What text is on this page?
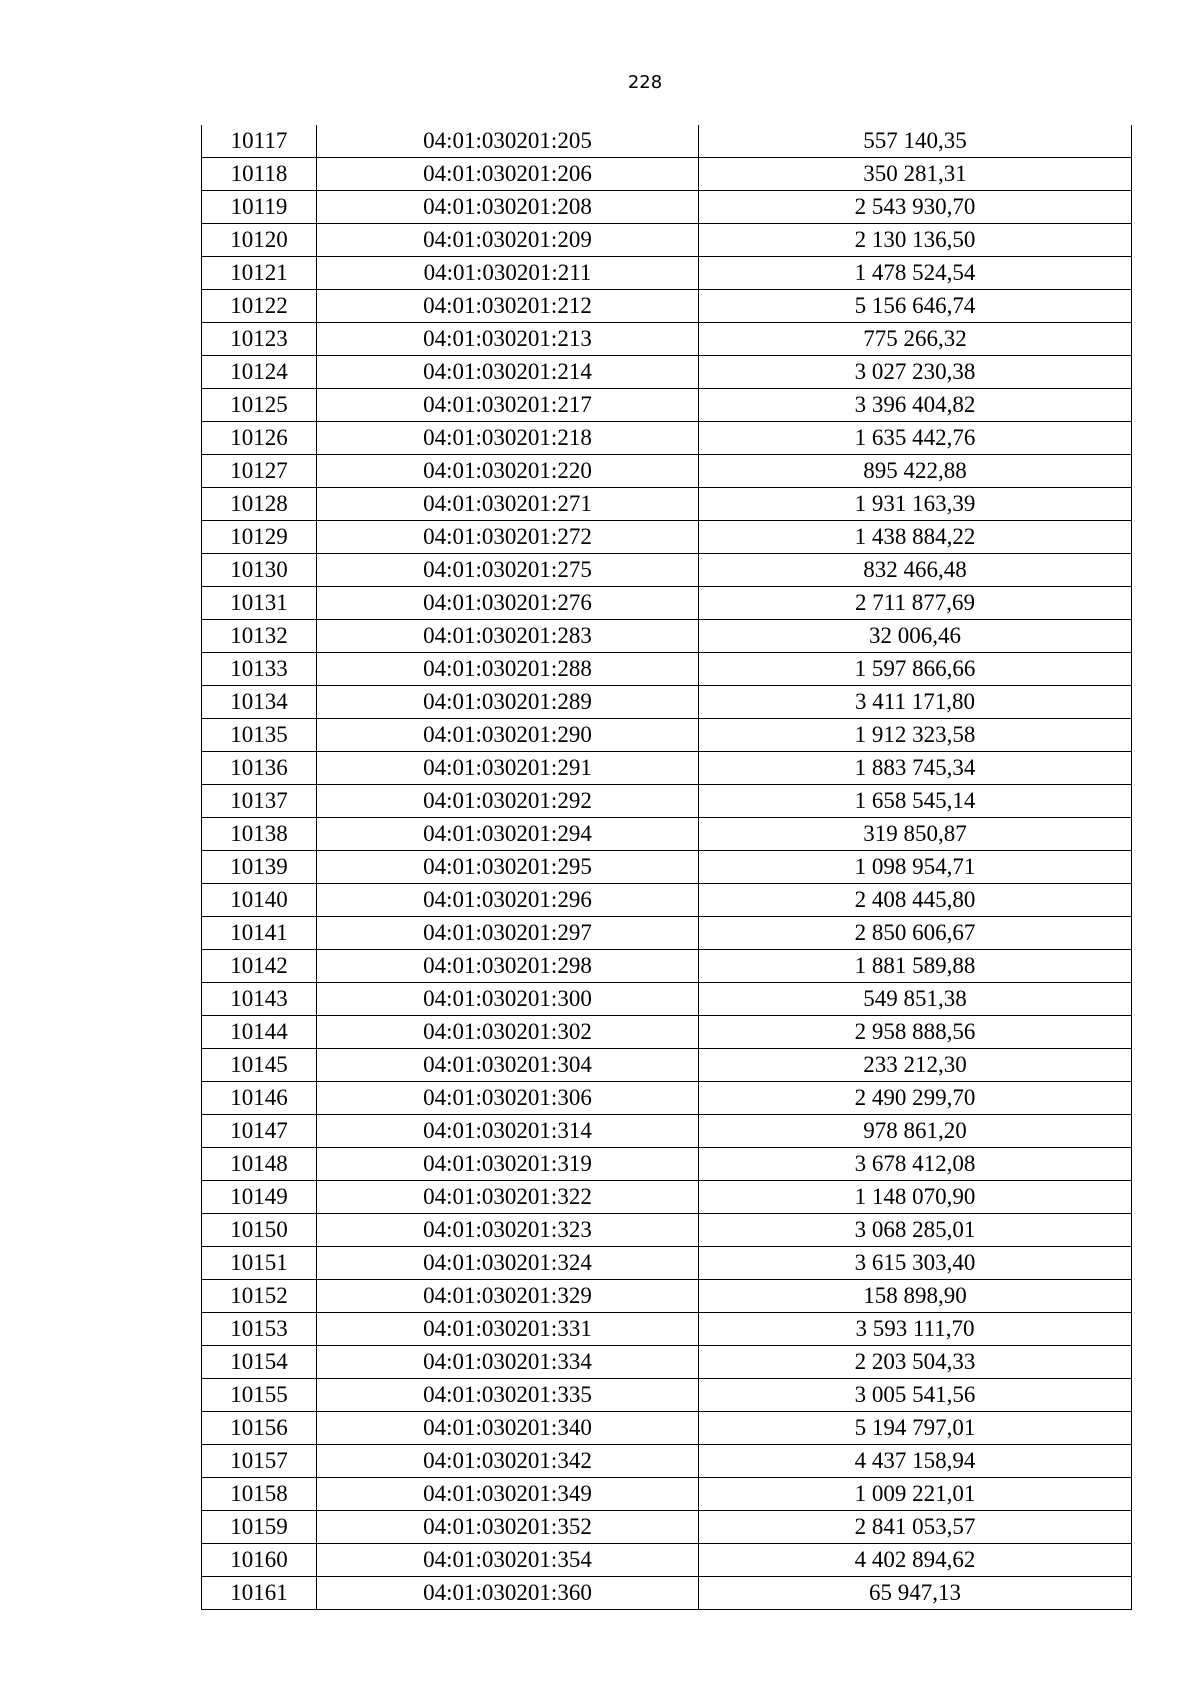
228
10117	04:01:030201:205	557 140,35
10118	04:01:030201:206	350 281,31
10119	04:01:030201:208	2 543 930,70
10120	04:01:030201:209	2 130 136,50
10121	04:01:030201:211	1 478 524,54
10122	04:01:030201:212	5 156 646,74
10123	04:01:030201:213	775 266,32
10124	04:01:030201:214	3 027 230,38
10125	04:01:030201:217	3 396 404,82
10126	04:01:030201:218	1 635 442,76
10127	04:01:030201:220	895 422,88
10128	04:01:030201:271	1 931 163,39
10129	04:01:030201:272	1 438 884,22
10130	04:01:030201:275	832 466,48
10131	04:01:030201:276	2 711 877,69
10132	04:01:030201:283	32 006,46
10133	04:01:030201:288	1 597 866,66
10134	04:01:030201:289	3 411 171,80
10135	04:01:030201:290	1 912 323,58
10136	04:01:030201:291	1 883 745,34
10137	04:01:030201:292	1 658 545,14
10138	04:01:030201:294	319 850,87
10139	04:01:030201:295	1 098 954,71
10140	04:01:030201:296	2 408 445,80
10141	04:01:030201:297	2 850 606,67
10142	04:01:030201:298	1 881 589,88
10143	04:01:030201:300	549 851,38
10144	04:01:030201:302	2 958 888,56
10145	04:01:030201:304	233 212,30
10146	04:01:030201:306	2 490 299,70
10147	04:01:030201:314	978 861,20
10148	04:01:030201:319	3 678 412,08
10149	04:01:030201:322	1 148 070,90
10150	04:01:030201:323	3 068 285,01
10151	04:01:030201:324	3 615 303,40
10152	04:01:030201:329	158 898,90
10153	04:01:030201:331	3 593 111,70
10154	04:01:030201:334	2 203 504,33
10155	04:01:030201:335	3 005 541,56
10156	04:01:030201:340	5 194 797,01
10157	04:01:030201:342	4 437 158,94
10158	04:01:030201:349	1 009 221,01
10159	04:01:030201:352	2 841 053,57
10160	04:01:030201:354	4 402 894,62
10161	04:01:030201:360	65 947,13
